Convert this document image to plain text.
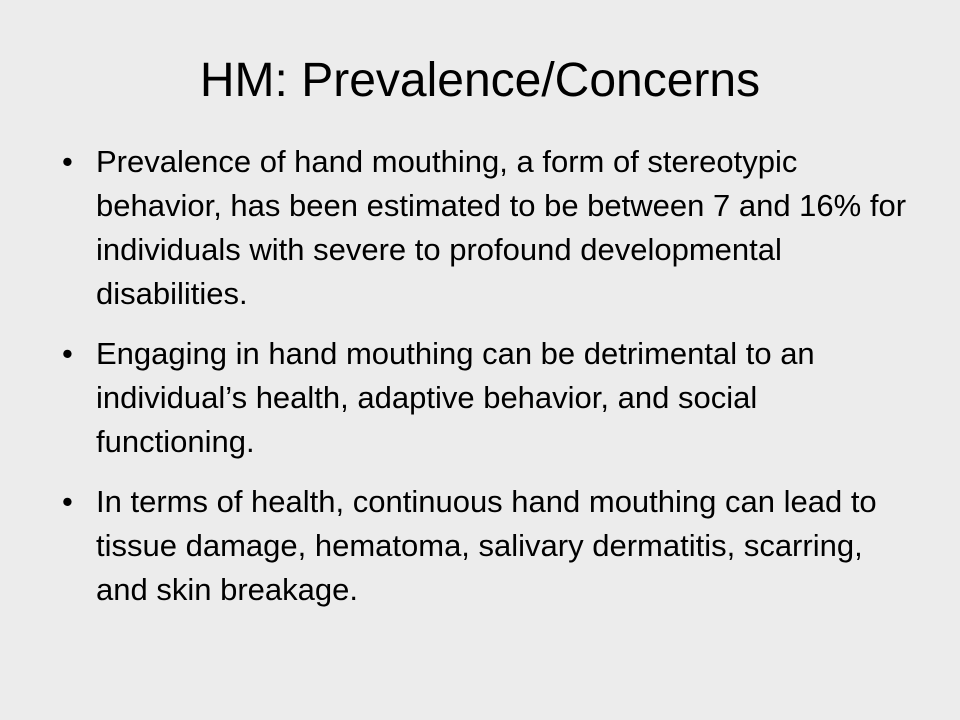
HM: Prevalence/Concerns
• Prevalence of hand mouthing, a form of stereotypic behavior, has been estimated to be between 7 and 16% for individuals with severe to profound developmental disabilities.
• Engaging in hand mouthing can be detrimental to an individual’s health, adaptive behavior, and social functioning.
• In terms of health, continuous hand mouthing can lead to tissue damage, hematoma, salivary dermatitis, scarring, and skin breakage.
